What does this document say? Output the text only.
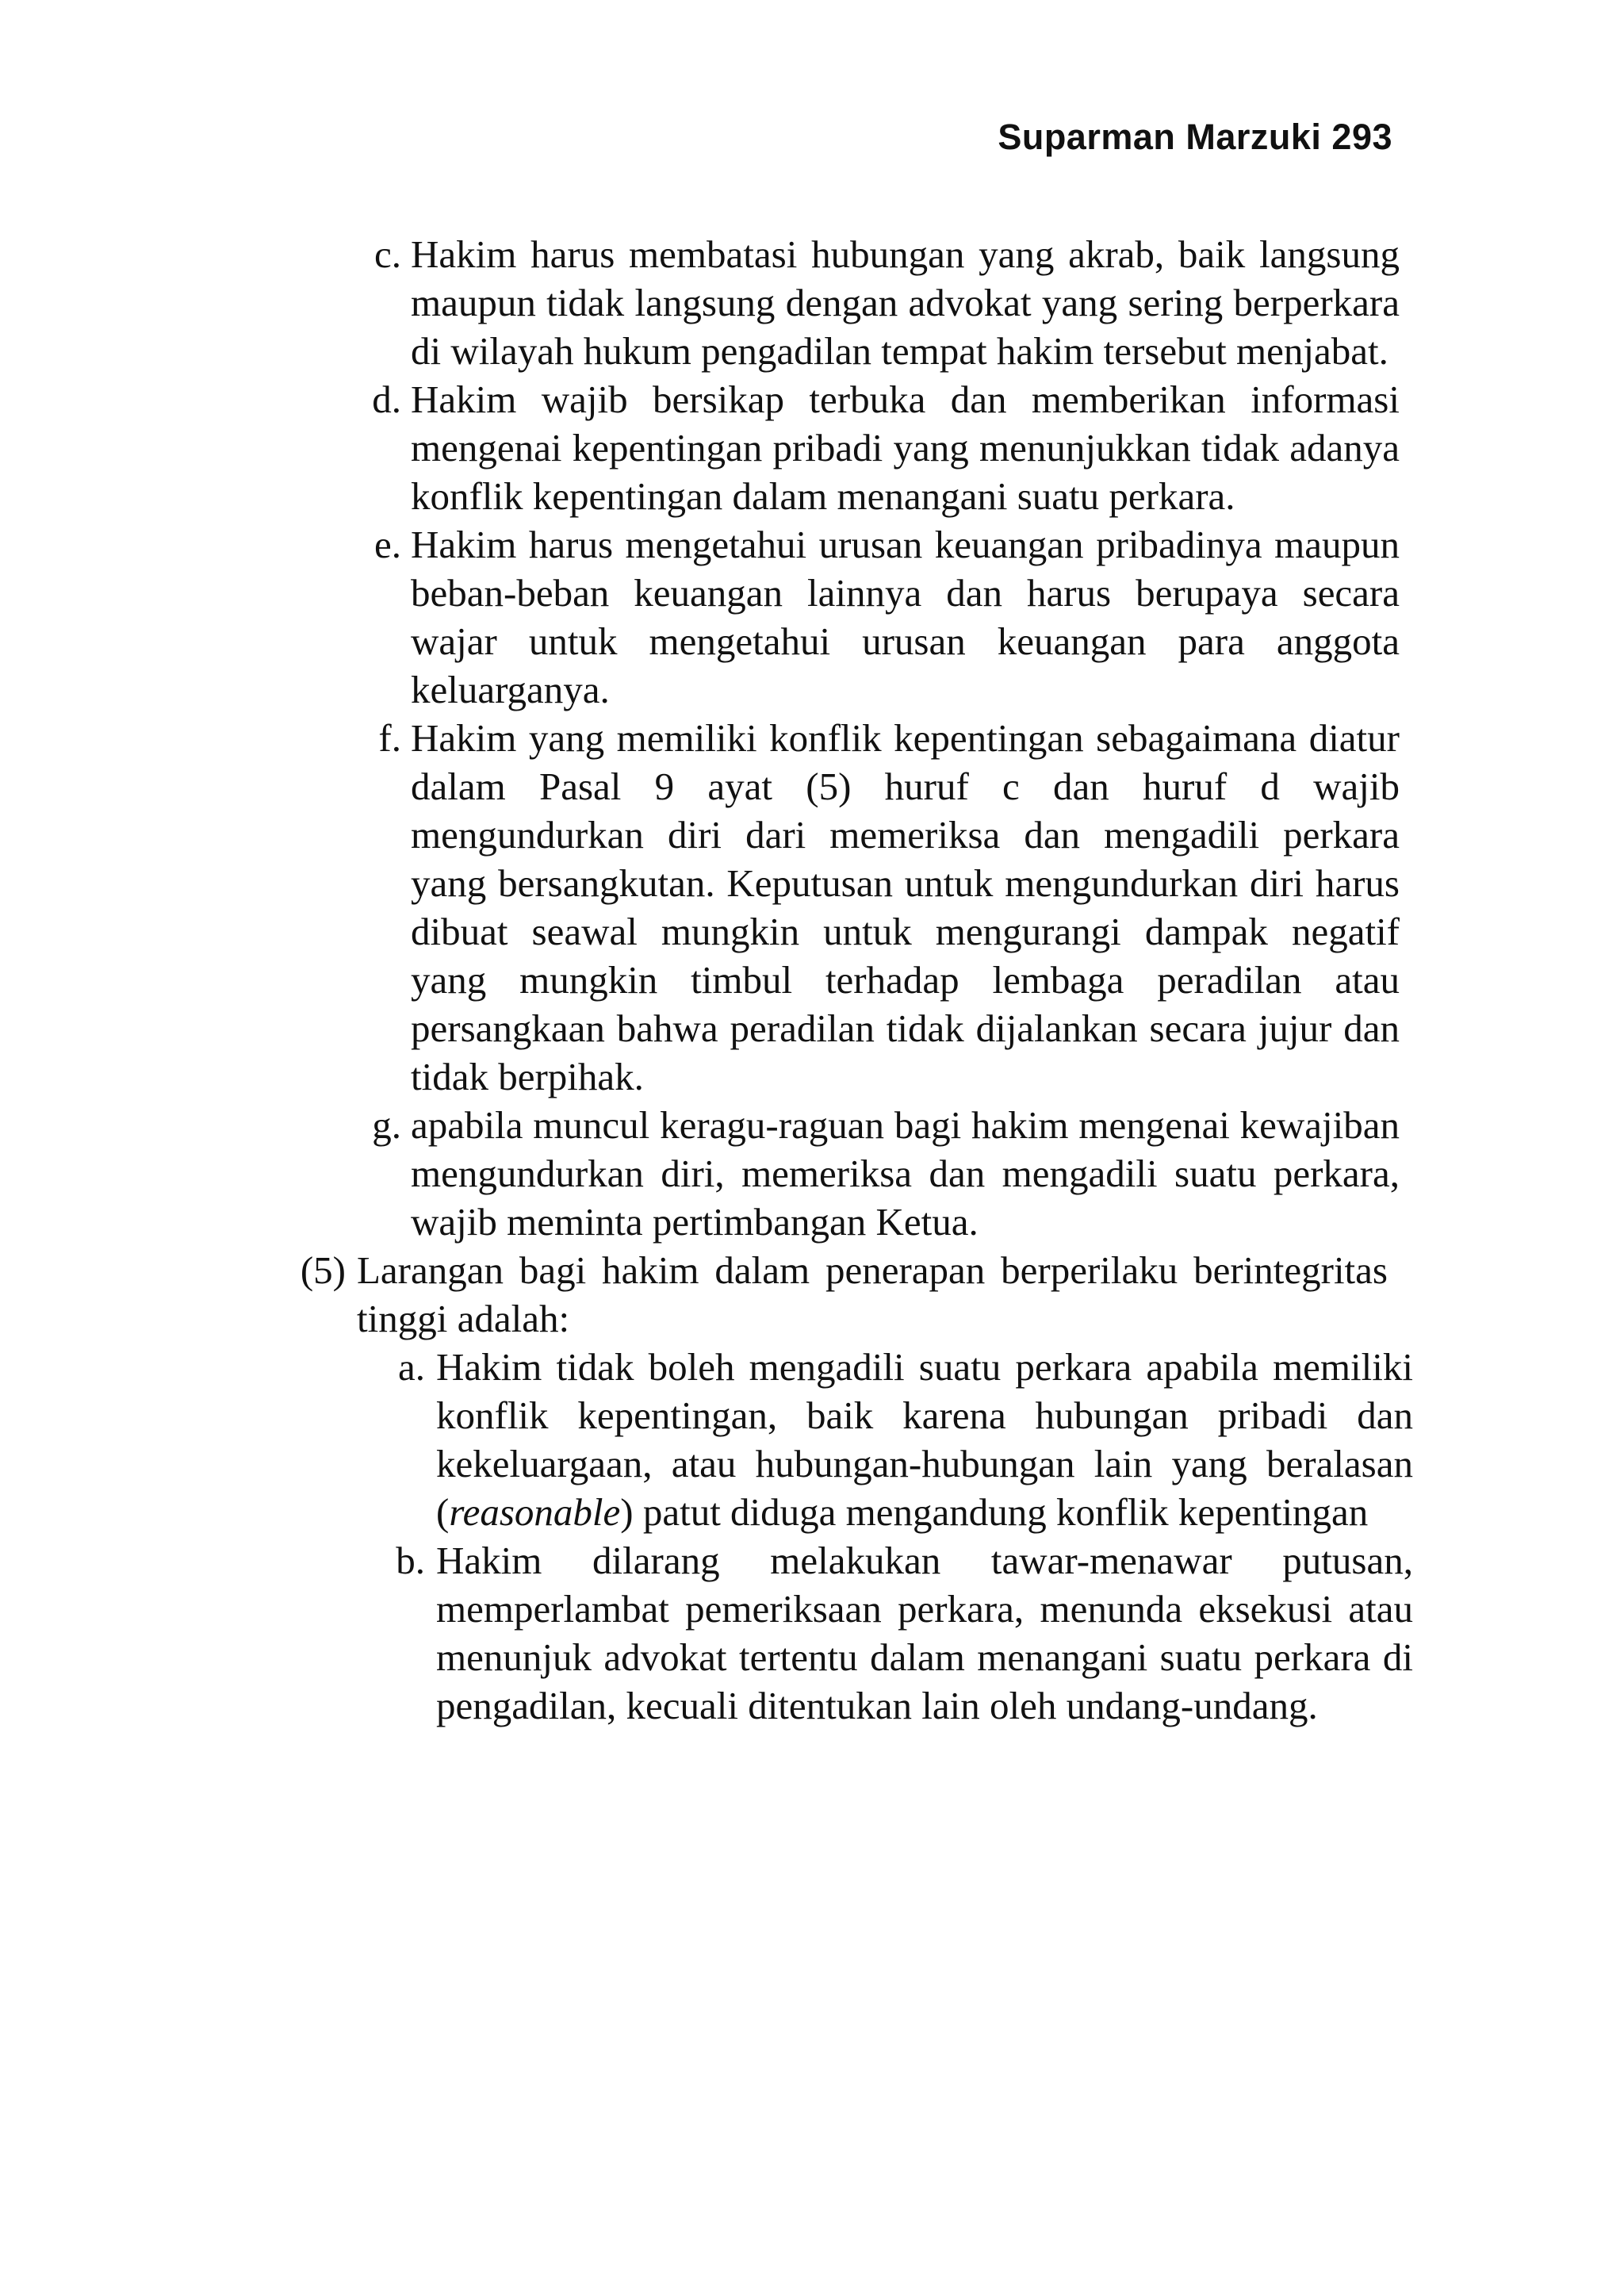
Suparman Marzuki 293
c. Hakim harus membatasi hubungan yang akrab, baik langsung maupun tidak langsung dengan advokat yang sering berperkara di wilayah hukum pengadilan tempat hakim tersebut menjabat.
d. Hakim wajib bersikap terbuka dan memberikan informasi mengenai kepentingan pribadi yang menunjukkan tidak adanya konflik kepentingan dalam menangani suatu perkara.
e. Hakim harus mengetahui urusan keuangan pribadinya maupun beban-beban keuangan lainnya dan harus berupaya secara wajar untuk mengetahui urusan keuangan para anggota keluarganya.
f. Hakim yang memiliki konflik kepentingan sebagaimana diatur dalam Pasal 9 ayat (5) huruf c dan huruf d wajib mengundurkan diri dari memeriksa dan mengadili perkara yang bersangkutan. Keputusan untuk mengundurkan diri harus dibuat seawal mungkin untuk mengurangi dampak negatif yang mungkin timbul terhadap lembaga peradilan atau persangkaan bahwa peradilan tidak dijalankan secara jujur dan tidak berpihak.
g. apabila muncul keragu-raguan bagi hakim mengenai kewajiban mengundurkan diri, memeriksa dan mengadili suatu perkara, wajib meminta pertimbangan Ketua.
(5) Larangan bagi hakim dalam penerapan berperilaku berintegritas tinggi adalah:
a. Hakim tidak boleh mengadili suatu perkara apabila memiliki konflik kepentingan, baik karena hubungan pribadi dan kekeluargaan, atau hubungan-hubungan lain yang beralasan (reasonable) patut diduga mengandung konflik kepentingan
b. Hakim dilarang melakukan tawar-menawar putusan, memperlambat pemeriksaan perkara, menunda eksekusi atau menunjuk advokat tertentu dalam menangani suatu perkara di pengadilan, kecuali ditentukan lain oleh undang-undang.
